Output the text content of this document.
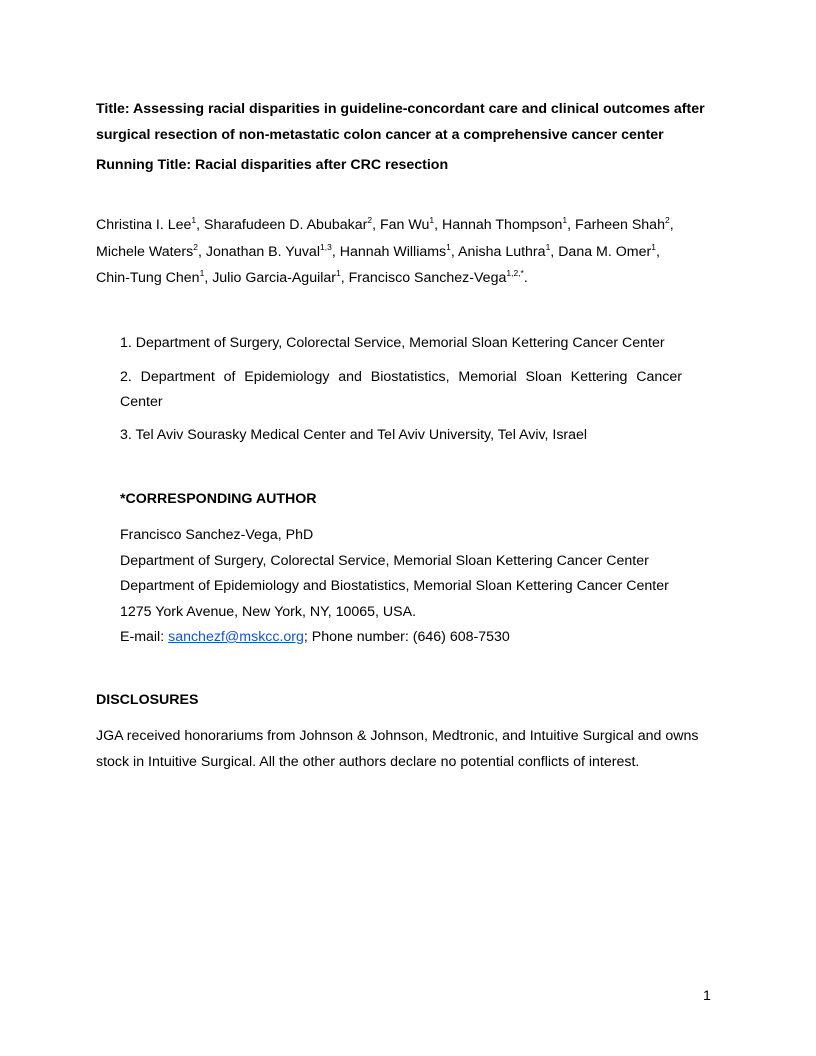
Title: Assessing racial disparities in guideline-concordant care and clinical outcomes after
surgical resection of non-metastatic colon cancer at a comprehensive cancer center
Running Title: Racial disparities after CRC resection
Christina I. Lee$^1$, Sharafudeen D. Abubakar$^2$, Fan Wu$^1$, Hannah Thompson$^1$, Farheen Shah$^2$,
Michele Waters$^2$, Jonathan B. Yuval$^{1,3}$, Hannah Williams$^1$, Anisha Luthra$^1$, Dana M. Omer$^1$,
Chin-Tung Chen$^1$, Julio Garcia-Aguilar$^1$, Francisco Sanchez-Vega$^{1,2,*}$.
1. Department of Surgery, Colorectal Service, Memorial Sloan Kettering Cancer Center
2. Department of Epidemiology and Biostatistics, Memorial Sloan Kettering Cancer Center
3. Tel Aviv Sourasky Medical Center and Tel Aviv University, Tel Aviv, Israel
*CORRESPONDING AUTHOR
Francisco Sanchez-Vega, PhD
Department of Surgery, Colorectal Service, Memorial Sloan Kettering Cancer Center
Department of Epidemiology and Biostatistics, Memorial Sloan Kettering Cancer Center
1275 York Avenue, New York, NY, 10065, USA.
E-mail: sanchezf@mskcc.org; Phone number: (646) 608-7530
DISCLOSURES
JGA received honorariums from Johnson & Johnson, Medtronic, and Intuitive Surgical and owns stock in Intuitive Surgical. All the other authors declare no potential conflicts of interest.
1
